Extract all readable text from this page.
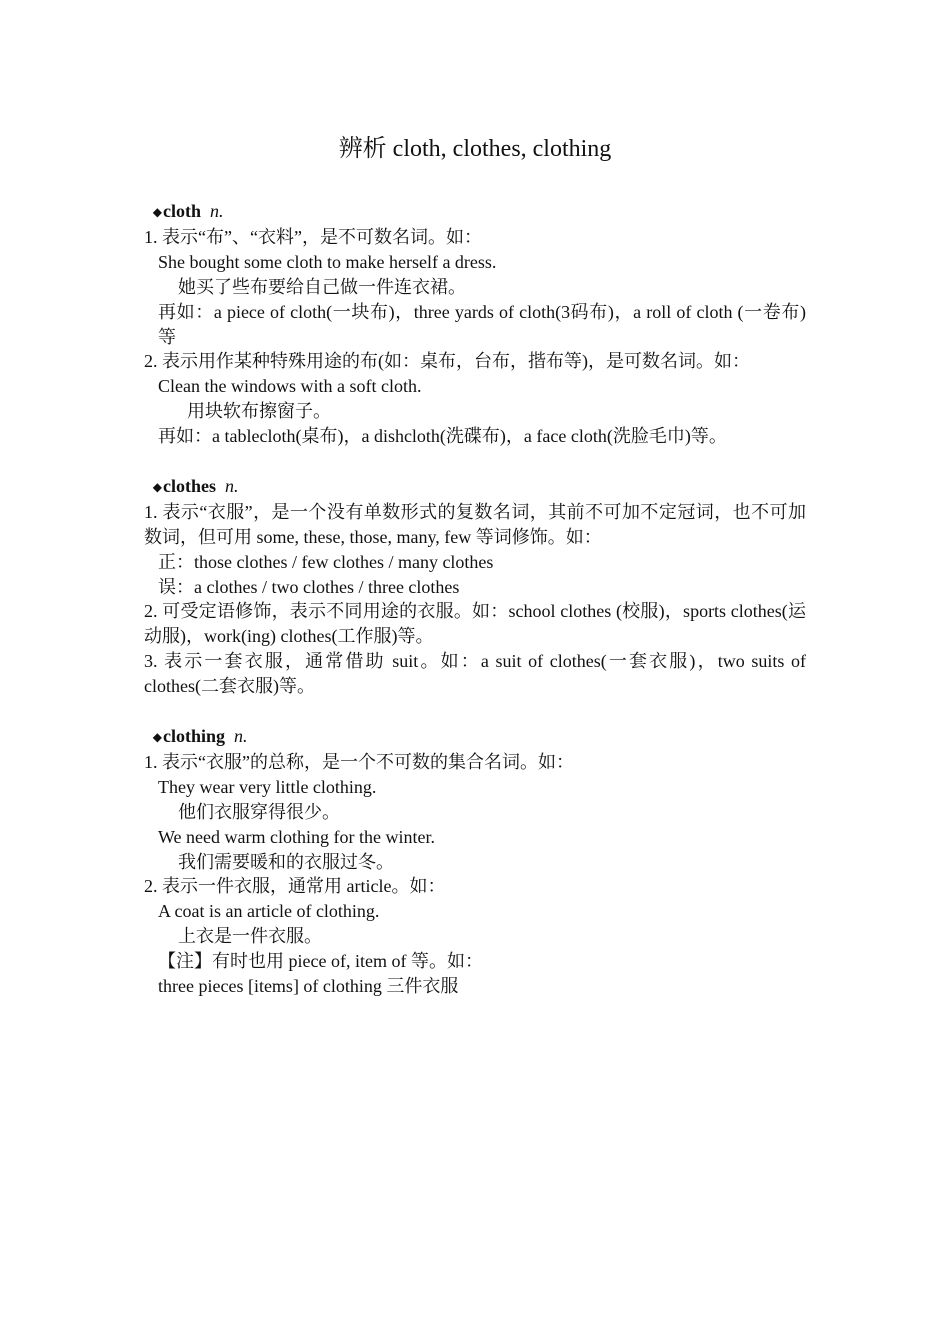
辨析 cloth, clothes, clothing
◆cloth n.
1. 表示“布”、“衣料”，是不可数名词。如：
She bought some cloth to make herself a dress.
她买了些布要给自己做一件连衣裙。
再如：a piece of cloth(一块布)，three yards of cloth(3码布)，a roll of cloth (一卷布)等
2. 表示用作某种特殊用途的布(如：桌布，台布，揩布等)，是可数名词。如：
Clean the windows with a soft cloth.
用块软布擦窗子。
再如：a tablecloth(桌布)，a dishcloth(洗碟布)，a face cloth(洗脸毛巾)等。
◆clothes n.
1. 表示“衣服”，是一个没有单数形式的复数名词，其前不可加不定冠词，也不可加数词，但可用 some, these, those, many, few 等词修饰。如：
正：those clothes / few clothes / many clothes
误：a clothes / two clothes / three clothes
2. 可受定语修饰，表示不同用途的衣服。如：school clothes (校服)，sports clothes(运动服)，work(ing) clothes(工作服)等。
3. 表示一套衣服，通常借助 suit。如：a suit of clothes(一套衣服)，two suits of clothes(二套衣服)等。
◆clothing n.
1. 表示“衣服”的总称，是一个不可数的集合名词。如：
They wear very little clothing.
他们衣服穿得很少。
We need warm clothing for the winter.
我们需要暖和的衣服过冬。
2. 表示一件衣服，通常用 article。如：
A coat is an article of clothing.
上衣是一件衣服。
【注】有时也用 piece of, item of 等。如：
three pieces [items] of clothing 三件衣服
